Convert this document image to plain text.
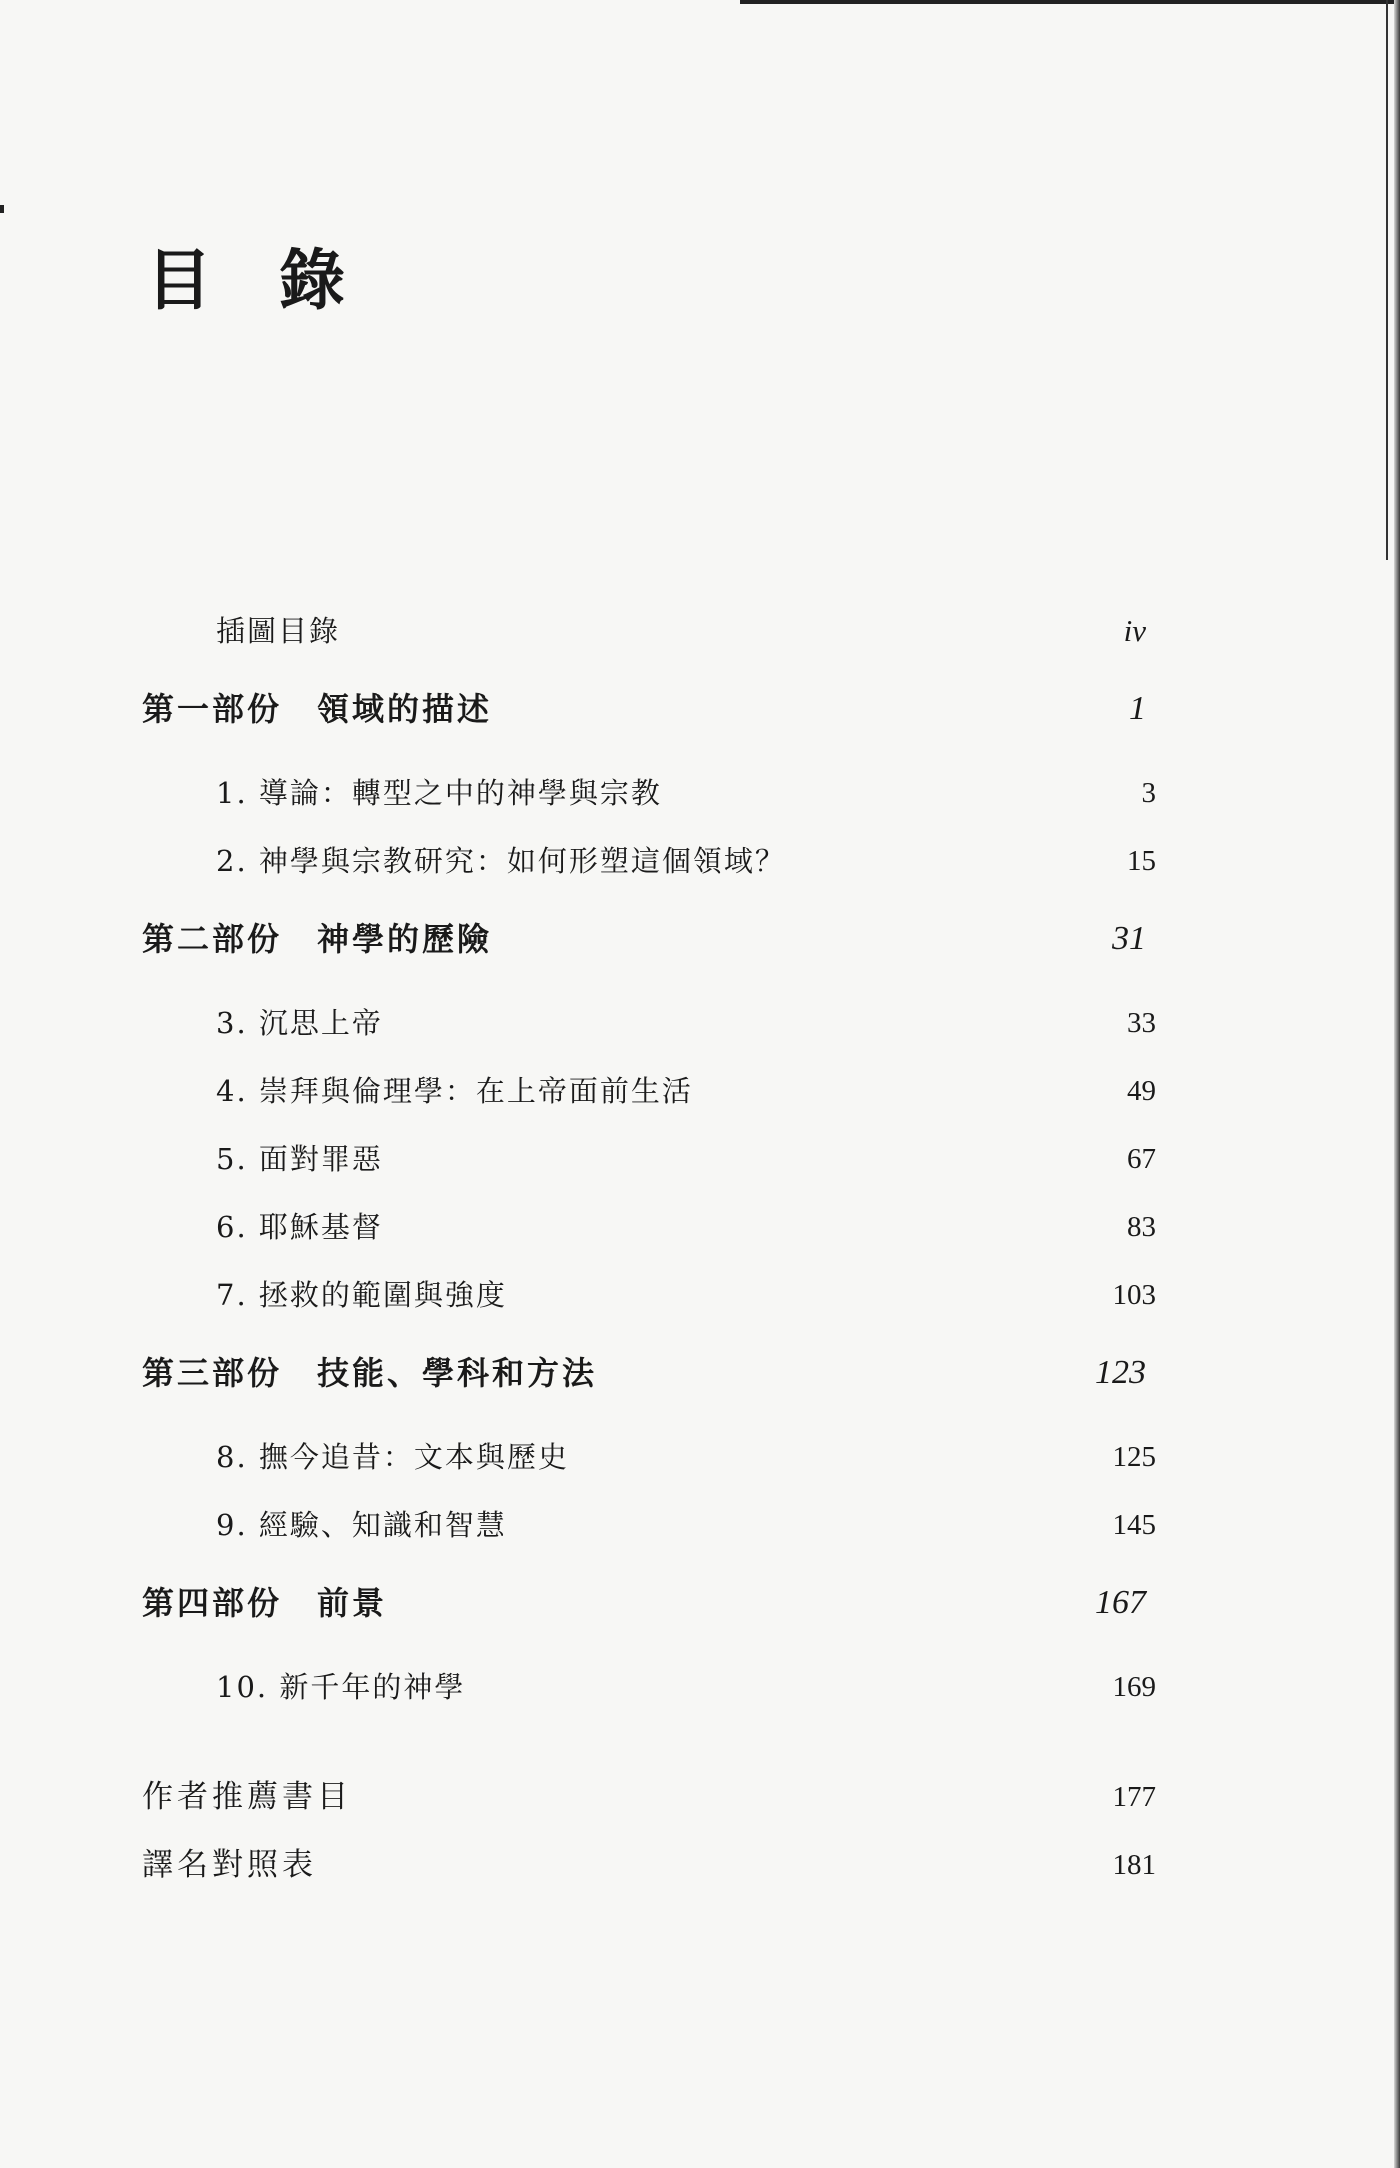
目 錄
插圖目錄	iv
第一部份　領域的描述	1
1. 導論：轉型之中的神學與宗教	3
2. 神學與宗教研究：如何形塑這個領域？	15
第二部份　神學的歷險	31
3. 沉思上帝	33
4. 崇拜與倫理學：在上帝面前生活	49
5. 面對罪惡	67
6. 耶穌基督	83
7. 拯救的範圍與強度	103
第三部份　技能、學科和方法	123
8. 撫今追昔：文本與歷史	125
9. 經驗、知識和智慧	145
第四部份　前景	167
10. 新千年的神學	169
作者推薦書目	177
譯名對照表	181
